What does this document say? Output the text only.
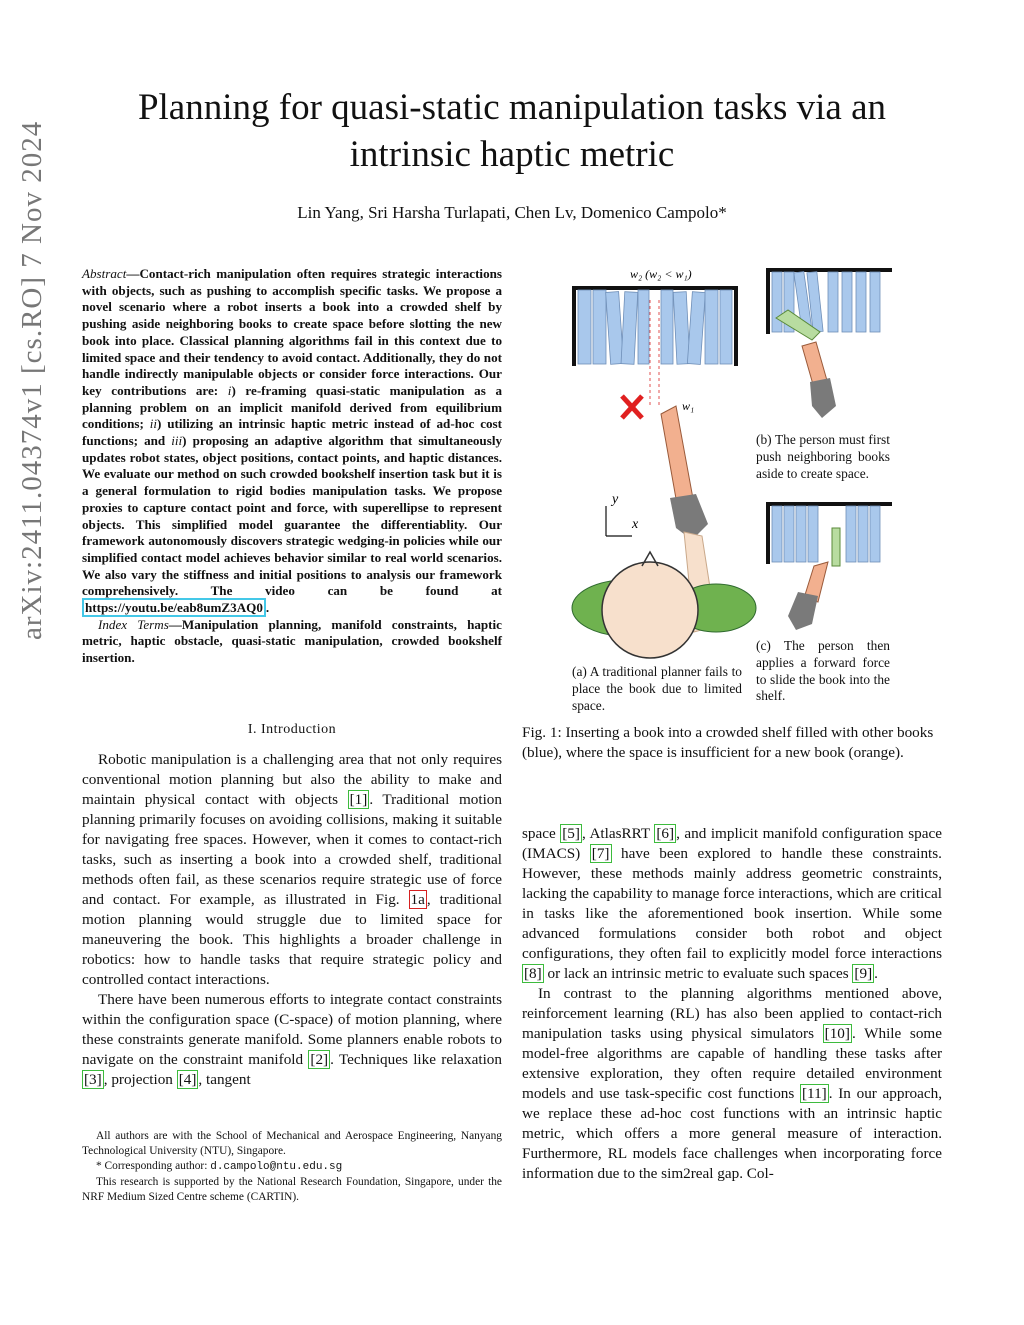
Planning for quasi-static manipulation tasks via an
intrinsic haptic metric
Lin Yang, Sri Harsha Turlapati, Chen Lv, Domenico Campolo*
arXiv:2411.04374v1 [cs.RO] 7 Nov 2024	Abstract—Contact-rich manipulation often requires strategic interactions with objects, such as pushing to accomplish specific tasks. We propose a novel scenario where a robot inserts a book into a crowded shelf by pushing aside neighboring books to create space before slotting the new book into place. Classical planning algorithms fail in this context due to limited space and their tendency to avoid contact. Additionally, they do not handle indirectly manipulable objects or consider force interactions. Our key contributions are: i) re-framing quasi-static manipulation as a planning problem on an implicit manifold derived from equilibrium conditions; ii) utilizing an intrinsic haptic metric instead of ad-hoc cost functions; and iii) proposing an adaptive algorithm that simultaneously updates robot states, object positions, contact points, and haptic distances. We evaluate our method on such crowded bookshelf insertion task but it is a general formulation to rigid bodies manipulation tasks. We propose proxies to capture contact point and force, with superellipse to represent objects. This simplified model guarantee the differentiablity. Our framework autonomously discovers strategic wedging-in policies while our simplified contact model achieves behavior similar to real world scenarios. We also vary the stiffness and initial positions to analysis our framework comprehensively. The video can be found at https://youtu.be/eab8umZ3AQ0 .
Index Terms—Manipulation planning, manifold constraints, haptic metric, haptic obstacle, quasi-static manipulation, crowded bookshelf insertion.
I. Introduction

Robotic manipulation is a challenging area that not only requires conventional motion planning but also the ability to make and maintain physical contact with objects [1] . Traditional motion planning primarily focuses on avoiding collisions, making it suitable for navigating free spaces. However, when it comes to contact-rich tasks, such as inserting a book into a crowded shelf, traditional methods often fail, as these scenarios require strategic use of force and contact. For example, as illustrated in Fig. 1a , traditional motion planning would struggle due to limited space for maneuvering the book. This highlights a broader challenge in robotics: how to handle tasks that require strategic policy and controlled contact interactions.

There have been numerous efforts to integrate contact constraints within the configuration space (C-space) of motion planning, where these constraints generate manifold. Some planners enable robots to navigate on the constraint manifold [2] . Techniques like relaxation [3] , projection [4] , tangent

All authors are with the School of Mechanical and Aerospace Engineering, Nanyang Technological University (NTU), Singapore.
* Corresponding author: d.campolo@ntu.edu.sg
This research is supported by the National Research Foundation, Singapore, under the NRF Medium Sized Centre scheme (CARTIN).
y
x
w₂ (w₂ < w₁)
w₁
(a) A traditional planner fails to place the book due to limited space.
(b) The person must first push neighboring books aside to create space.
(c) The person then applies a forward force to slide the book into the shelf.
Fig. 1: Inserting a book into a crowded shelf filled with other books (blue), where the space is insufficient for a new book (orange).

space [5] , AtlasRRT [6] , and implicit manifold configuration space (IMACS) [7] have been explored to handle these constraints. However, these methods mainly address geometric constraints, lacking the capability to manage force interactions, which are critical in tasks like the aforementioned book insertion. While some advanced formulations consider both robot and object configurations, they often fail to explicitly model force interactions [8] or lack an intrinsic metric to evaluate such spaces [9] .

In contrast to the planning algorithms mentioned above, reinforcement learning (RL) has also been applied to contact-rich manipulation tasks using physical simulators [10] . While some model-free algorithms are capable of handling these tasks after extensive exploration, they often require detailed environment models and use task-specific cost functions [11] . In our approach, we replace these ad-hoc cost functions with an intrinsic haptic metric, which offers a more general measure of interaction. Furthermore, RL models face challenges when incorporating force information due to the sim2real gap. Col-
